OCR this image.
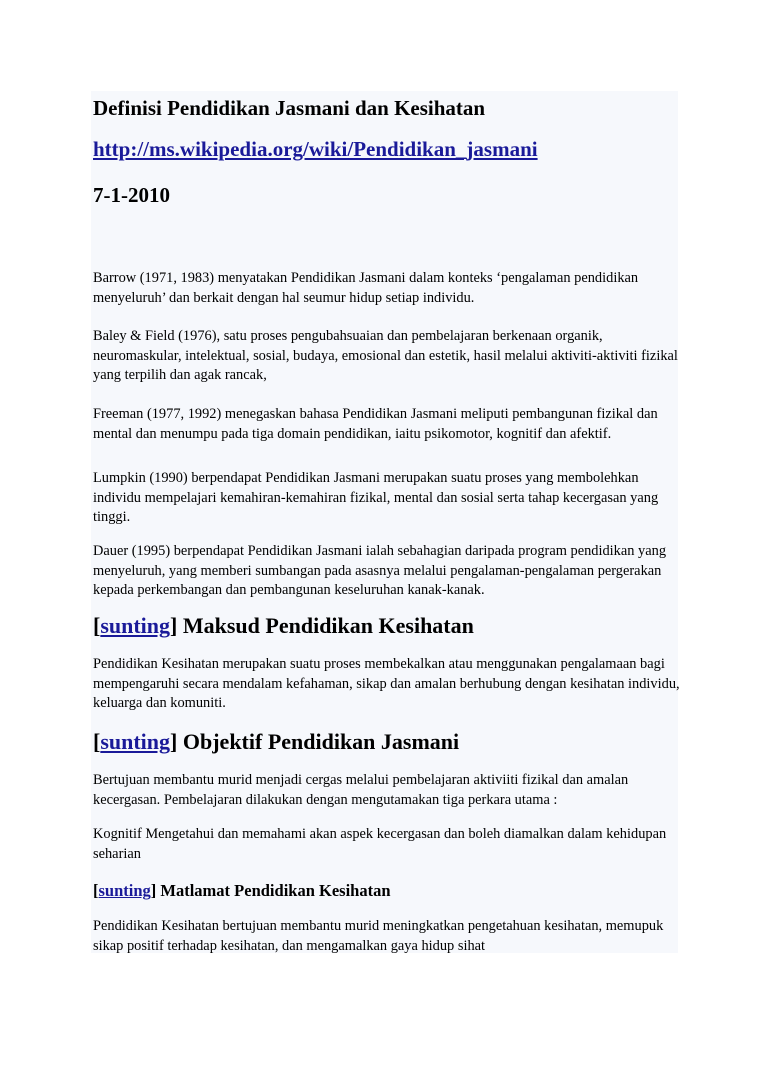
Definisi Pendidikan Jasmani dan Kesihatan
http://ms.wikipedia.org/wiki/Pendidikan_jasmani
7-1-2010

Barrow (1971, 1983) menyatakan Pendidikan Jasmani dalam konteks ‘pengalaman pendidikan menyeluruh’ dan berkait dengan hal seumur hidup setiap individu.

Baley & Field (1976), satu proses pengubahsuaian dan pembelajaran berkenaan organik, neuromaskular, intelektual, sosial, budaya, emosional dan estetik, hasil melalui aktiviti-aktiviti fizikal yang terpilih dan agak rancak,

Freeman (1977, 1992) menegaskan bahasa Pendidikan Jasmani meliputi pembangunan fizikal dan mental dan menumpu pada tiga domain pendidikan, iaitu psikomotor, kognitif dan afektif.

Lumpkin (1990) berpendapat Pendidikan Jasmani merupakan suatu proses yang membolehkan individu mempelajari kemahiran-kemahiran fizikal, mental dan sosial serta tahap kecergasan yang tinggi.

Dauer (1995) berpendapat Pendidikan Jasmani ialah sebahagian daripada program pendidikan yang menyeluruh, yang memberi sumbangan pada asasnya melalui pengalaman-pengalaman pergerakan kepada perkembangan dan pembangunan keseluruhan kanak-kanak.

[sunting] Maksud Pendidikan Kesihatan

Pendidikan Kesihatan merupakan suatu proses membekalkan atau menggunakan pengalamaan bagi mempengaruhi secara mendalam kefahaman, sikap dan amalan berhubung dengan kesihatan individu, keluarga dan komuniti.

[sunting] Objektif Pendidikan Jasmani

Bertujuan membantu murid menjadi cergas melalui pembelajaran aktiviiti fizikal dan amalan kecergasan. Pembelajaran dilakukan dengan mengutamakan tiga perkara utama :

Kognitif Mengetahui dan memahami akan aspek kecergasan dan boleh diamalkan dalam kehidupan seharian

[sunting] Matlamat Pendidikan Kesihatan

Pendidikan Kesihatan bertujuan membantu murid meningkatkan pengetahuan kesihatan, memupuk sikap positif terhadap kesihatan, dan mengamalkan gaya hidup sihat
